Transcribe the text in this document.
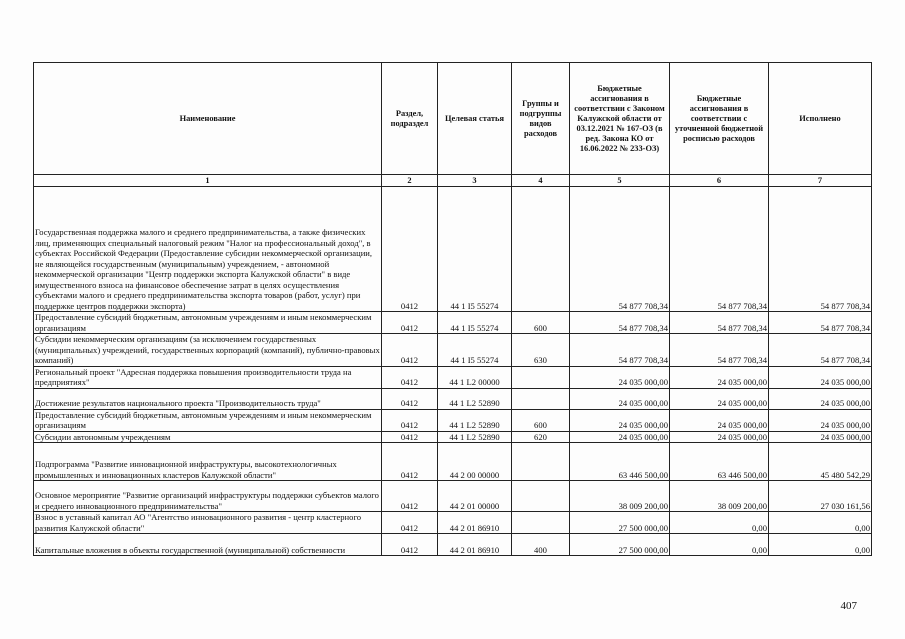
Наименование	Раздел, подраздел	Целевая статья	Группы и подгруппы видов расходов	Бюджетные ассигнования в соответствии с Законом Калужской области от 03.12.2021 № 167-ОЗ (в ред. Закона КО от 16.06.2022 № 233-ОЗ)	Бюджетные ассигнования в соответствии с уточненной бюджетной росписью расходов	Исполнено
1	2	3	4	5	6	7
Государственная поддержка малого и среднего предпринимательства, а также физических лиц, применяющих специальный налоговый режим "Налог на профессиональный доход", в субъектах Российской Федерации (Предоставление субсидии некоммерческой организации, не являющейся государственным (муниципальным) учреждением, - автономной некоммерческой организации "Центр поддержки экспорта Калужской области" в виде имущественного взноса на финансовое обеспечение затрат в целях осуществления субъектами малого и среднего предпринимательства экспорта товаров (работ, услуг) при поддержке центров поддержки экспорта)	0412	44 1 I5 55274		54 877 708,34	54 877 708,34	54 877 708,34
Предоставление субсидий бюджетным, автономным учреждениям и иным некоммерческим организациям	0412	44 1 I5 55274	600	54 877 708,34	54 877 708,34	54 877 708,34
Субсидии некоммерческим организациям (за исключением государственных (муниципальных) учреждений, государственных корпораций (компаний), публично-правовых компаний)	0412	44 1 I5 55274	630	54 877 708,34	54 877 708,34	54 877 708,34
Региональный проект "Адресная поддержка повышения производительности труда на предприятиях"	0412	44 1 L2 00000		24 035 000,00	24 035 000,00	24 035 000,00
Достижение результатов национального проекта "Производительность труда"	0412	44 1 L2 52890		24 035 000,00	24 035 000,00	24 035 000,00
Предоставление субсидий бюджетным, автономным учреждениям и иным некоммерческим организациям	0412	44 1 L2 52890	600	24 035 000,00	24 035 000,00	24 035 000,00
Субсидии автономным учреждениям	0412	44 1 L2 52890	620	24 035 000,00	24 035 000,00	24 035 000,00
Подпрограмма "Развитие инновационной инфраструктуры, высокотехнологичных промышленных и инновационных кластеров Калужской области"	0412	44 2 00 00000		63 446 500,00	63 446 500,00	45 480 542,29
Основное мероприятие "Развитие организаций инфраструктуры поддержки субъектов малого и среднего инновационного предпринимательства"	0412	44 2 01 00000		38 009 200,00	38 009 200,00	27 030 161,56
Взнос в уставный капитал АО "Агентство инновационного развития - центр кластерного развития Калужской области"	0412	44 2 01 86910		27 500 000,00	0,00	0,00
Капитальные вложения в объекты государственной (муниципальной) собственности	0412	44 2 01 86910	400	27 500 000,00	0,00	0,00
407
